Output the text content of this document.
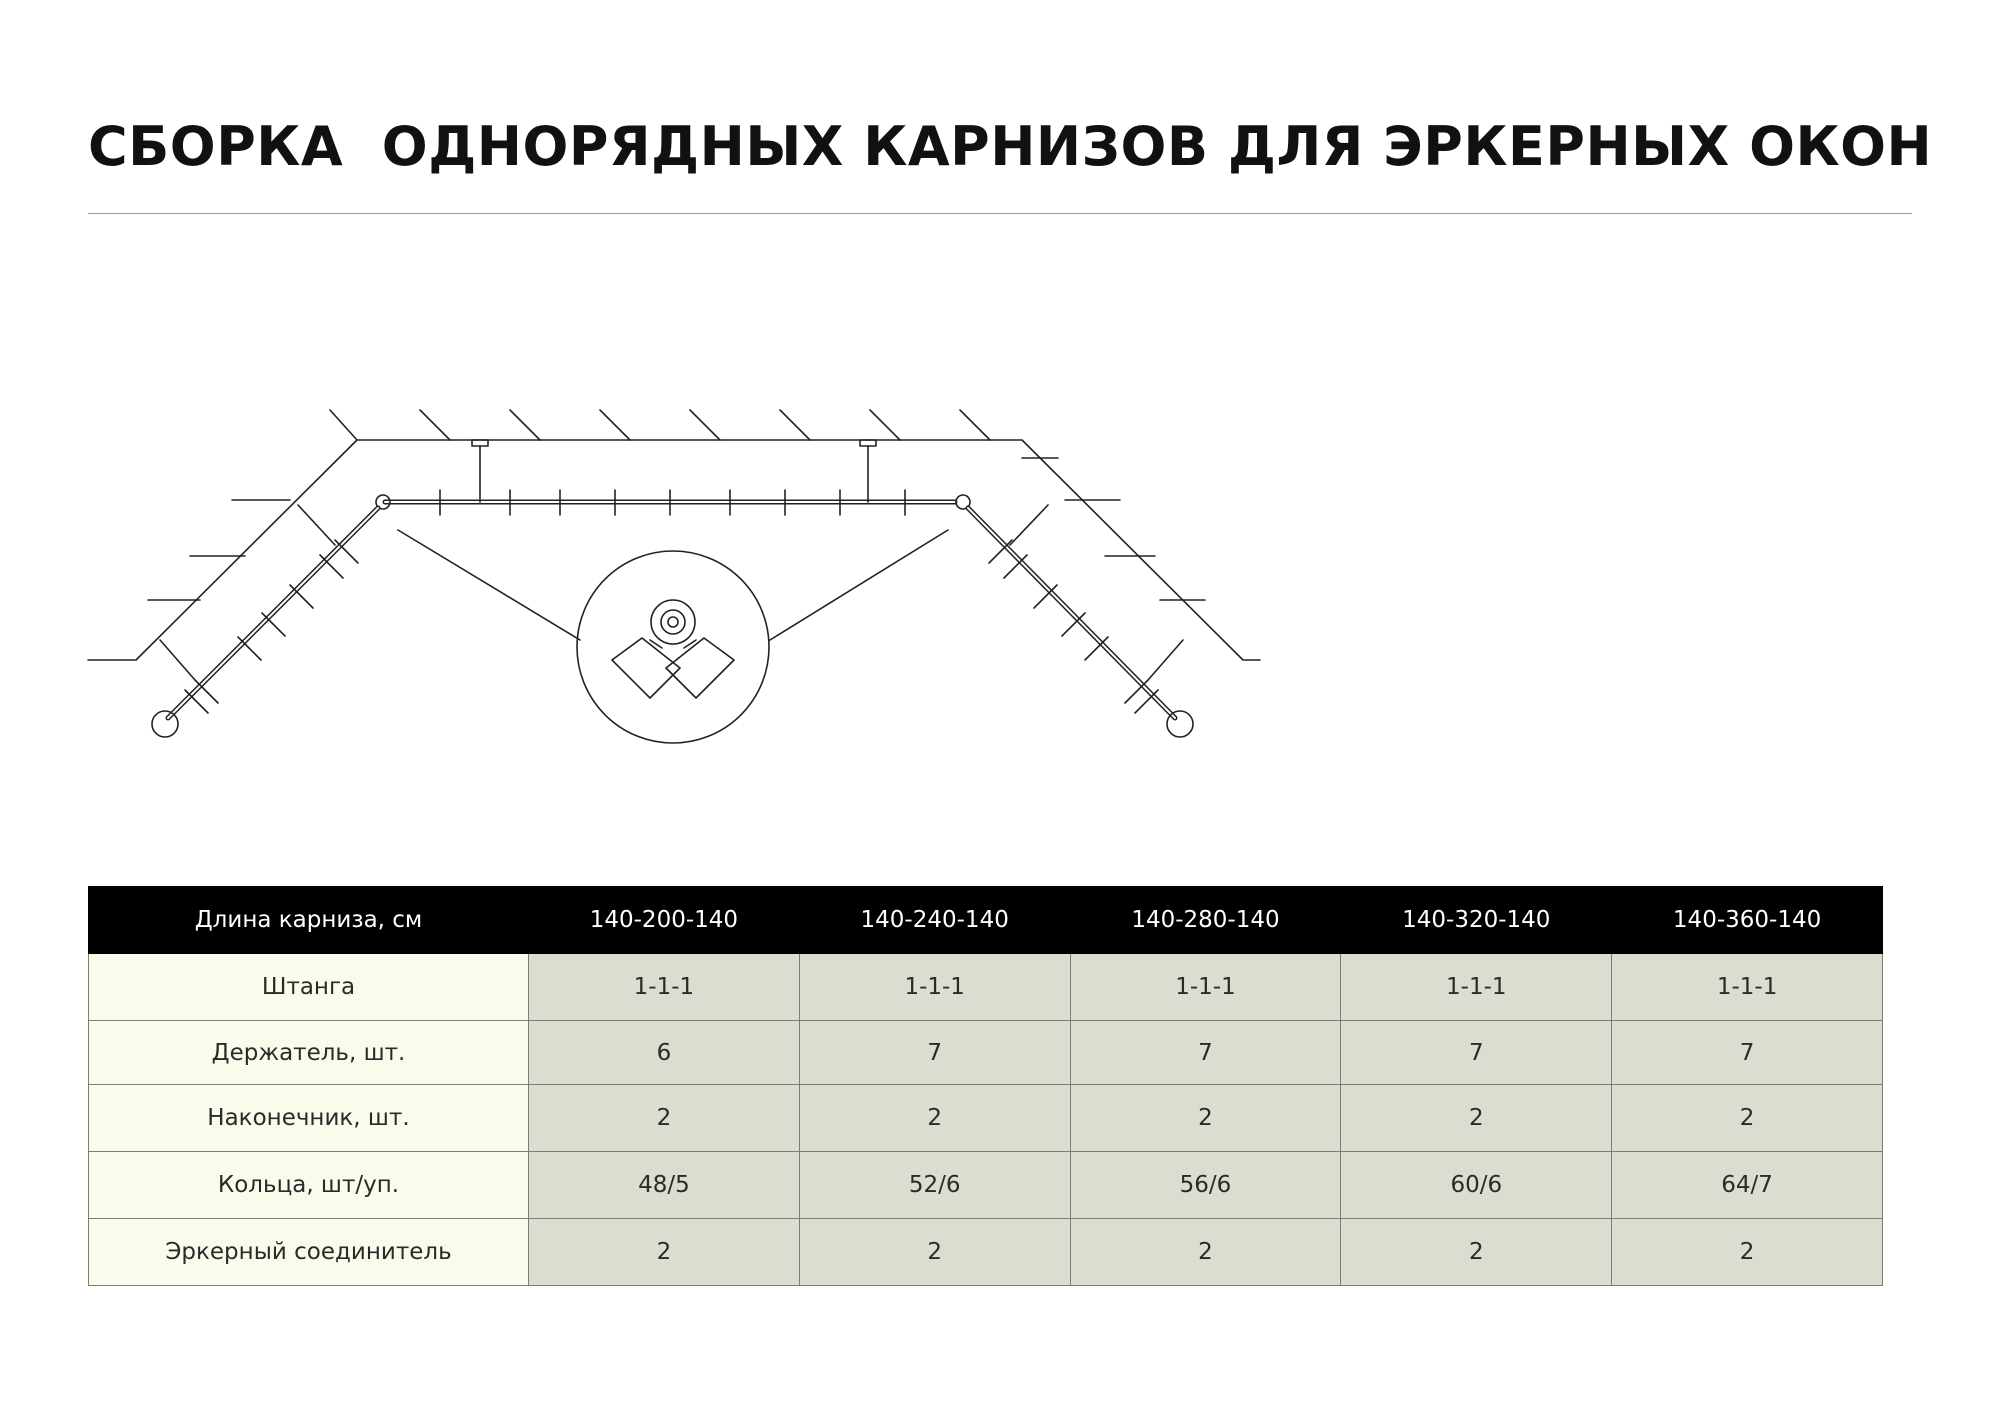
СБОРКА  ОДНОРЯДНЫХ КАРНИЗОВ ДЛЯ ЭРКЕРНЫХ ОКОН
Длина карниза, см	140-200-140	140-240-140	140-280-140	140-320-140	140-360-140
Штанга	1-1-1	1-1-1	1-1-1	1-1-1	1-1-1
Держатель, шт.	6	7	7	7	7
Наконечник, шт.	2	2	2	2	2
Кольца, шт/уп.	48/5	52/6	56/6	60/6	64/7
Эркерный соединитель	2	2	2	2	2
